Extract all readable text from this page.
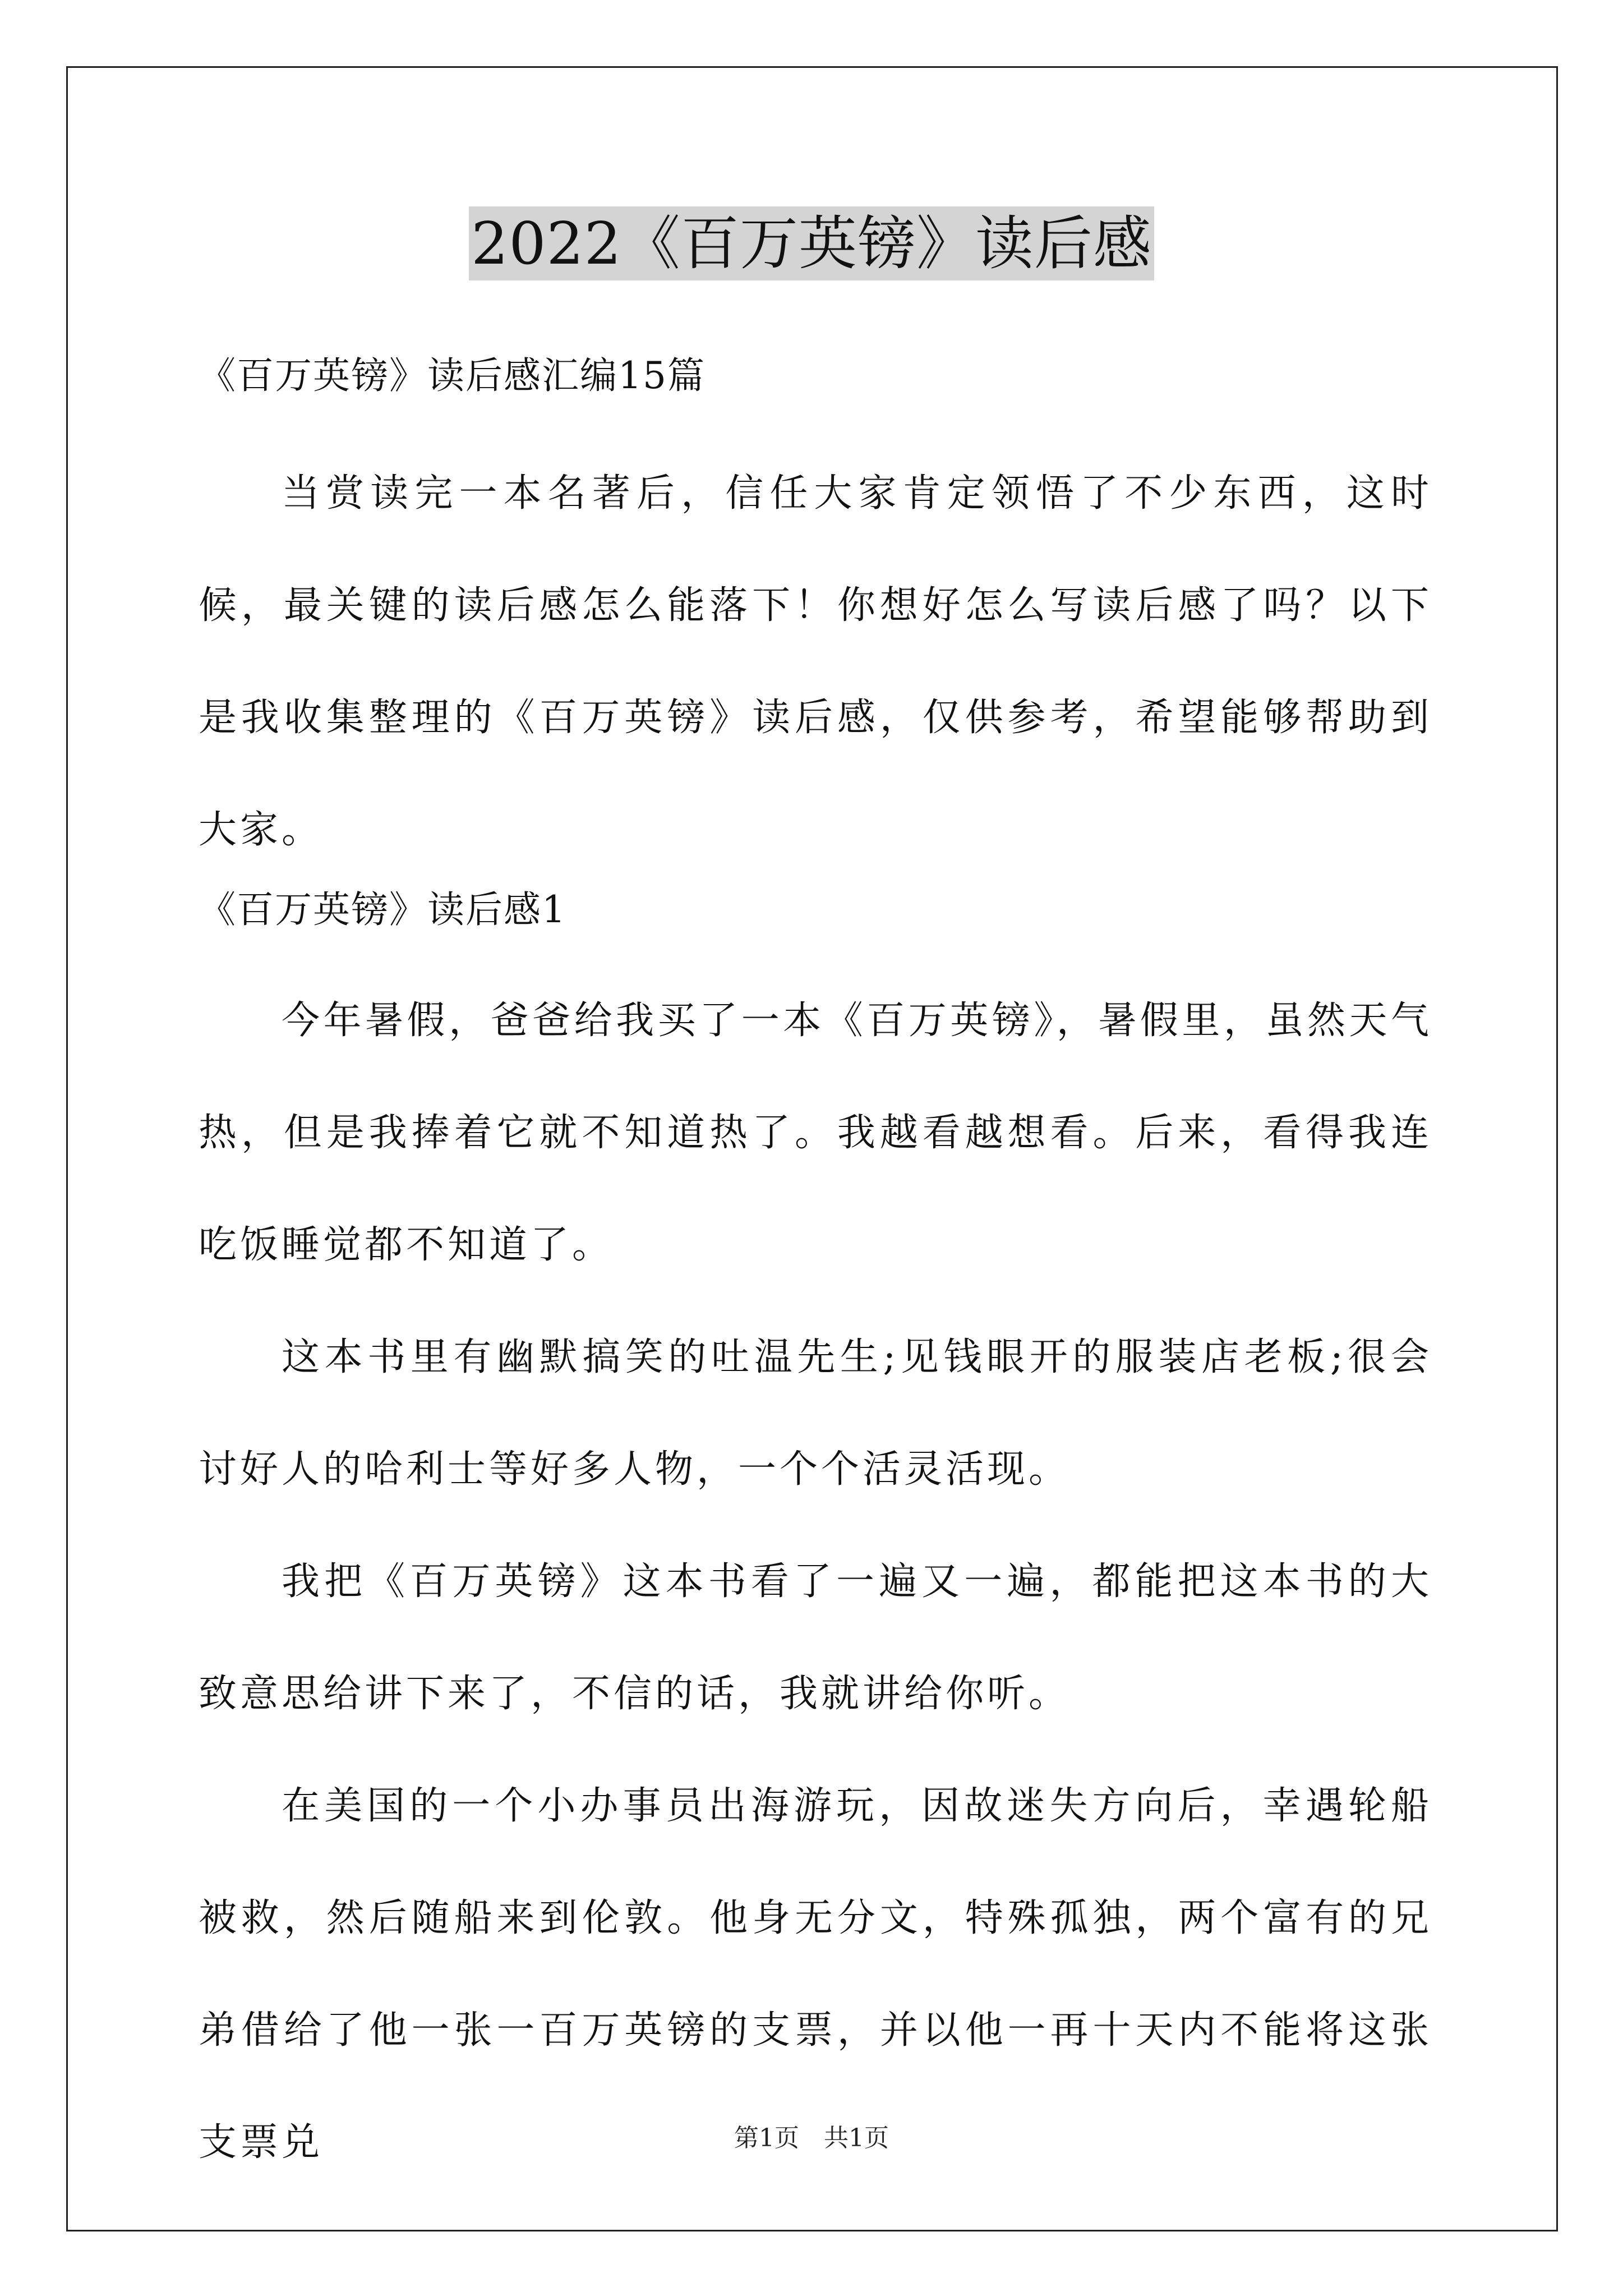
2022《百万英镑》读后感
《百万英镑》读后感汇编15篇

当赏读完一本名著后，信任大家肯定领悟了不少东西，这时候，最关键的读后感怎么能落下！你想好怎么写读后感了吗？以下是我收集整理的《百万英镑》读后感，仅供参考，希望能够帮助到大家。

《百万英镑》读后感1

今年暑假，爸爸给我买了一本《百万英镑》，暑假里，虽然天气热，但是我捧着它就不知道热了。我越看越想看。后来，看得我连吃饭睡觉都不知道了。

这本书里有幽默搞笑的吐温先生;见钱眼开的服装店老板;很会讨好人的哈利士等好多人物，一个个活灵活现。

我把《百万英镑》这本书看了一遍又一遍，都能把这本书的大致意思给讲下来了，不信的话，我就讲给你听。

在美国的一个小办事员出海游玩，因故迷失方向后，幸遇轮船被救，然后随船来到伦敦。他身无分文，特殊孤独，两个富有的兄弟借给了他一张一百万英镑的支票，并以他一再十天内不能将这张支票兑	第1页　共1页
